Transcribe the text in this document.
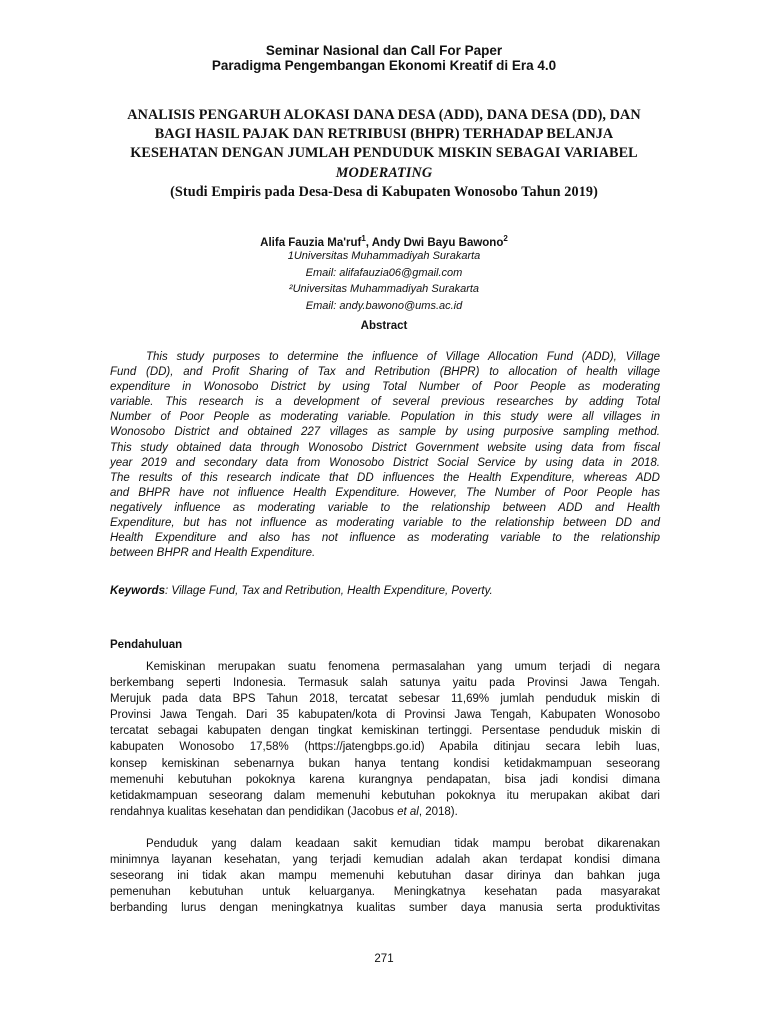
Seminar Nasional dan Call For Paper
Paradigma Pengembangan Ekonomi Kreatif di Era 4.0
ANALISIS PENGARUH ALOKASI DANA DESA (ADD), DANA DESA (DD), DAN
BAGI HASIL PAJAK DAN RETRIBUSI (BHPR) TERHADAP BELANJA
KESEHATAN DENGAN JUMLAH PENDUDUK MISKIN SEBAGAI VARIABEL
MODERATING
(Studi Empiris pada Desa-Desa di Kabupaten Wonosobo Tahun 2019)
Alifa Fauzia Ma'ruf$^1$, Andy Dwi Bayu Bawono$^2$
1Universitas Muhammadiyah Surakarta
Email: alifafauzia06@gmail.com
²Universitas Muhammadiyah Surakarta
Email: andy.bawono@ums.ac.id
Abstract
This study purposes to determine the influence of Village Allocation Fund (ADD), Village
Fund (DD), and Profit Sharing of Tax and Retribution (BHPR) to allocation of health village
expenditure in Wonosobo District by using Total Number of Poor People as moderating
variable. This research is a development of several previous researches by adding Total
Number of Poor People as moderating variable. Population in this study were all villages in
Wonosobo District and obtained 227 villages as sample by using purposive sampling method.
This study obtained data through Wonosobo District Government website using data from fiscal
year 2019 and secondary data from Wonosobo District Social Service by using data in 2018.
The results of this research indicate that DD influences the Health Expenditure, whereas ADD
and BHPR have not influence Health Expenditure. However, The Number of Poor People has
negatively influence as moderating variable to the relationship between ADD and Health
Expenditure, but has not influence as moderating variable to the relationship between DD and
Health Expenditure and also has not influence as moderating variable to the relationship
between BHPR and Health Expenditure.
Keywords: Village Fund, Tax and Retribution, Health Expenditure, Poverty.
Pendahuluan
Kemiskinan merupakan suatu fenomena permasalahan yang umum terjadi di negara
berkembang seperti Indonesia. Termasuk salah satunya yaitu pada Provinsi Jawa Tengah.
Merujuk pada data BPS Tahun 2018, tercatat sebesar 11,69% jumlah penduduk miskin di
Provinsi Jawa Tengah. Dari 35 kabupaten/kota di Provinsi Jawa Tengah, Kabupaten Wonosobo
tercatat sebagai kabupaten dengan tingkat kemiskinan tertinggi. Persentase penduduk miskin di
kabupaten Wonosobo 17,58% (https://jatengbps.go.id) Apabila ditinjau secara lebih luas,
konsep kemiskinan sebenarnya bukan hanya tentang kondisi ketidakmampuan seseorang
memenuhi kebutuhan pokoknya karena kurangnya pendapatan, bisa jadi kondisi dimana
ketidakmampuan seseorang dalam memenuhi kebutuhan pokoknya itu merupakan akibat dari
rendahnya kualitas kesehatan dan pendidikan (Jacobus et al, 2018).
Penduduk yang dalam keadaan sakit kemudian tidak mampu berobat dikarenakan
minimnya layanan kesehatan, yang terjadi kemudian adalah akan terdapat kondisi dimana
seseorang ini tidak akan mampu memenuhi kebutuhan dasar dirinya dan bahkan juga
pemenuhan kebutuhan untuk keluarganya. Meningkatnya kesehatan pada masyarakat
berbanding lurus dengan meningkatnya kualitas sumber daya manusia serta produktivitas
271
